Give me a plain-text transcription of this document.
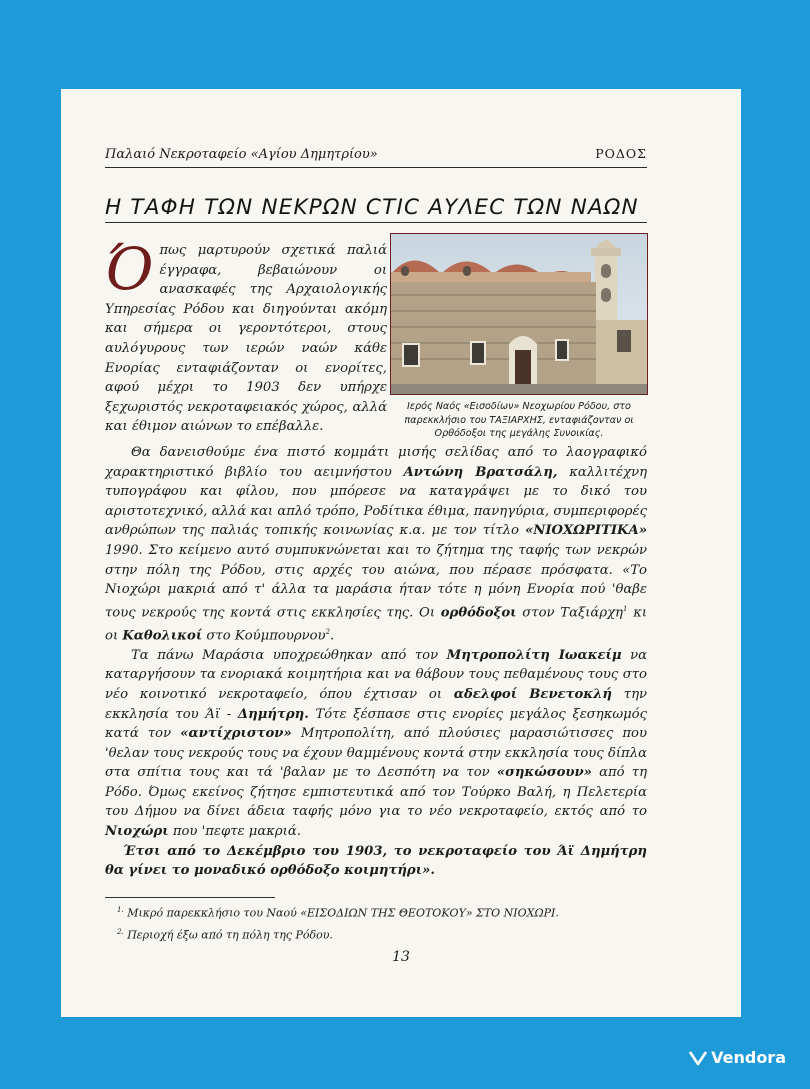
Παλαιό Νεκροταφείο «Αγίου Δημητρίου»	ΡΟΔΟΣ
Η ΤΑΦΗ ΤΩΝ ΝΕΚΡΩΝ CTIC ΑΥΛΕC ΤΩΝ ΝΑΩΝ
Ιερός Ναός «Εισοδίων» Νεοχωρίου Ρόδου, στο παρεκκλήσιο του ΤΑΞΙΑΡΧΗΣ, ενταφιάζονταν οι Ορθόδοξοι της μεγάλης Συνοικίας.
Όπως μαρτυρούν σχετικά παλιά έγγραφα, βεβαιώνουν οι ανασκαφές της Αρχαιολογικής Υπηρεσίας Ρόδου και διηγούνται ακόμη και σήμερα οι γεροντότεροι, στους αυλόγυρους των ιερών ναών κάθε Ενορίας ενταφιάζονταν οι ενορίτες, αφού μέχρι το 1903 δεν υπήρχε ξεχωριστός νεκροταφειακός χώρος, αλλά και έθιμον αιώνων το επέβαλλε.

Θα δανεισθούμε ένα πιστό κομμάτι μισής σελίδας από το λαογραφικό χαρακτηριστικό βιβλίο του αειμνήστου Αντώνη Βρατσάλη, καλλιτέχνη τυπογράφου και φίλου, που μπόρεσε να καταγράψει με το δικό του αριστοτεχνικό, αλλά και απλό τρόπο, Ροδίτικα έθιμα, πανηγύρια, συμπεριφορές ανθρώπων της παλιάς τοπικής κοινωνίας κ.α. με τον τίτλο «ΝΙΟΧΩΡΙΤΙΚΑ» 1990. Στο κείμενο αυτό συμπυκνώνεται και το ζήτημα της ταφής των νεκρών στην πόλη της Ρόδου, στις αρχές του αιώνα, που πέρασε πρόσφατα. «Το Νιοχώρι μακριά από τ' άλλα τα μαράσια ήταν τότε η μόνη Ενορία πού 'θαβε τους νεκρούς της κοντά στις εκκλησίες της. Οι ορθόδοξοι στον Ταξιάρχη$^1$ κι οι Καθολικοί στο Κούμπουρνου$^2$.

Τα πάνω Μαράσια υποχρεώθηκαν από τον Μητροπολίτη Ιωακείμ να καταργήσουν τα ενοριακά κοιμητήρια και να θάβουν τους πεθαμένους τους στο νέο κοινοτικό νεκροταφείο, όπου έχτισαν οι αδελφοί Βενετοκλή την εκκλησία του Άϊ - Δημήτρη. Τότε ξέσπασε στις ενορίες μεγάλος ξεσηκωμός κατά τον «αντίχριστον» Μητροπολίτη, από πλούσιες μαρασιώτισσες που 'θελαν τους νεκρούς τους να έχουν θαμμένους κοντά στην εκκλησία τους δίπλα στα σπίτια τους και τά 'βαλαν με το Δεσπότη να τον «σηκώσουν» από τη Ρόδο. Όμως εκείνος ζήτησε εμπιστευτικά από τον Τούρκο Βαλή, η Πελετερία του Δήμου να δίνει άδεια ταφής μόνο για το νέο νεκροταφείο, εκτός από το Νιοχώρι που 'πεφτε μακριά.

Έτσι από το Δεκέμβριο του 1903, το νεκροταφείο του Άϊ Δημήτρη θα γίνει το μοναδικό ορθόδοξο κοιμητήρι».

$^{1.}$ Μικρό παρεκκλήσιο του Ναού «ΕΙΣΟΔΙΩΝ ΤΗΣ ΘΕΟΤΟΚΟΥ» ΣΤΟ ΝΙΟΧΩΡΙ.
$^{2.}$ Περιοχή έξω από τη πόλη της Ρόδου.
13
Vendora
